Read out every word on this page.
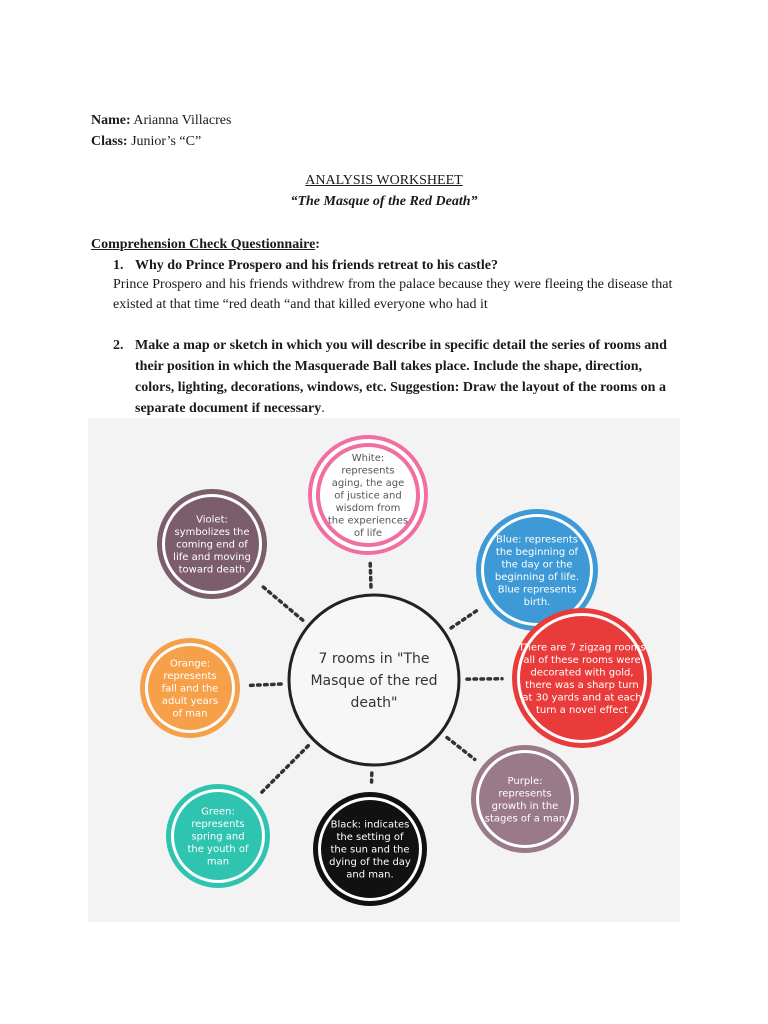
Name: Arianna Villacres
Class: Junior’s “C”
ANALYSIS WORKSHEET
“The Masque of the Red Death”
Comprehension Check Questionnaire:
1. Why do Prince Prospero and his friends retreat to his castle?
Prince Prospero and his friends withdrew from the palace because they were fleeing the disease that existed at that time “red death “and that killed everyone who had it
2. Make a map or sketch in which you will describe in specific detail the series of rooms and their position in which the Masquerade Ball takes place. Include the shape, direction, colors, lighting, decorations, windows, etc. Suggestion: Draw the layout of the rooms on a separate document if necessary.
7 rooms in "The Masque of the red death"
White: represents aging, the age of justice and wisdom from the experiences of life
Blue: represents the beginning of the day or the beginning of life. Blue represents birth.
There are 7 zigzag rooms all of these rooms were decorated with gold, there was a sharp turn at 30 yards and at each turn a novel effect
Purple: represents growth in the stages of a man
Black: indicates the setting of the sun and the dying of the day and man.
Green: represents spring and the youth of man
Orange: represents fall and the adult years of man
Violet: symbolizes the coming end of life and moving toward death
